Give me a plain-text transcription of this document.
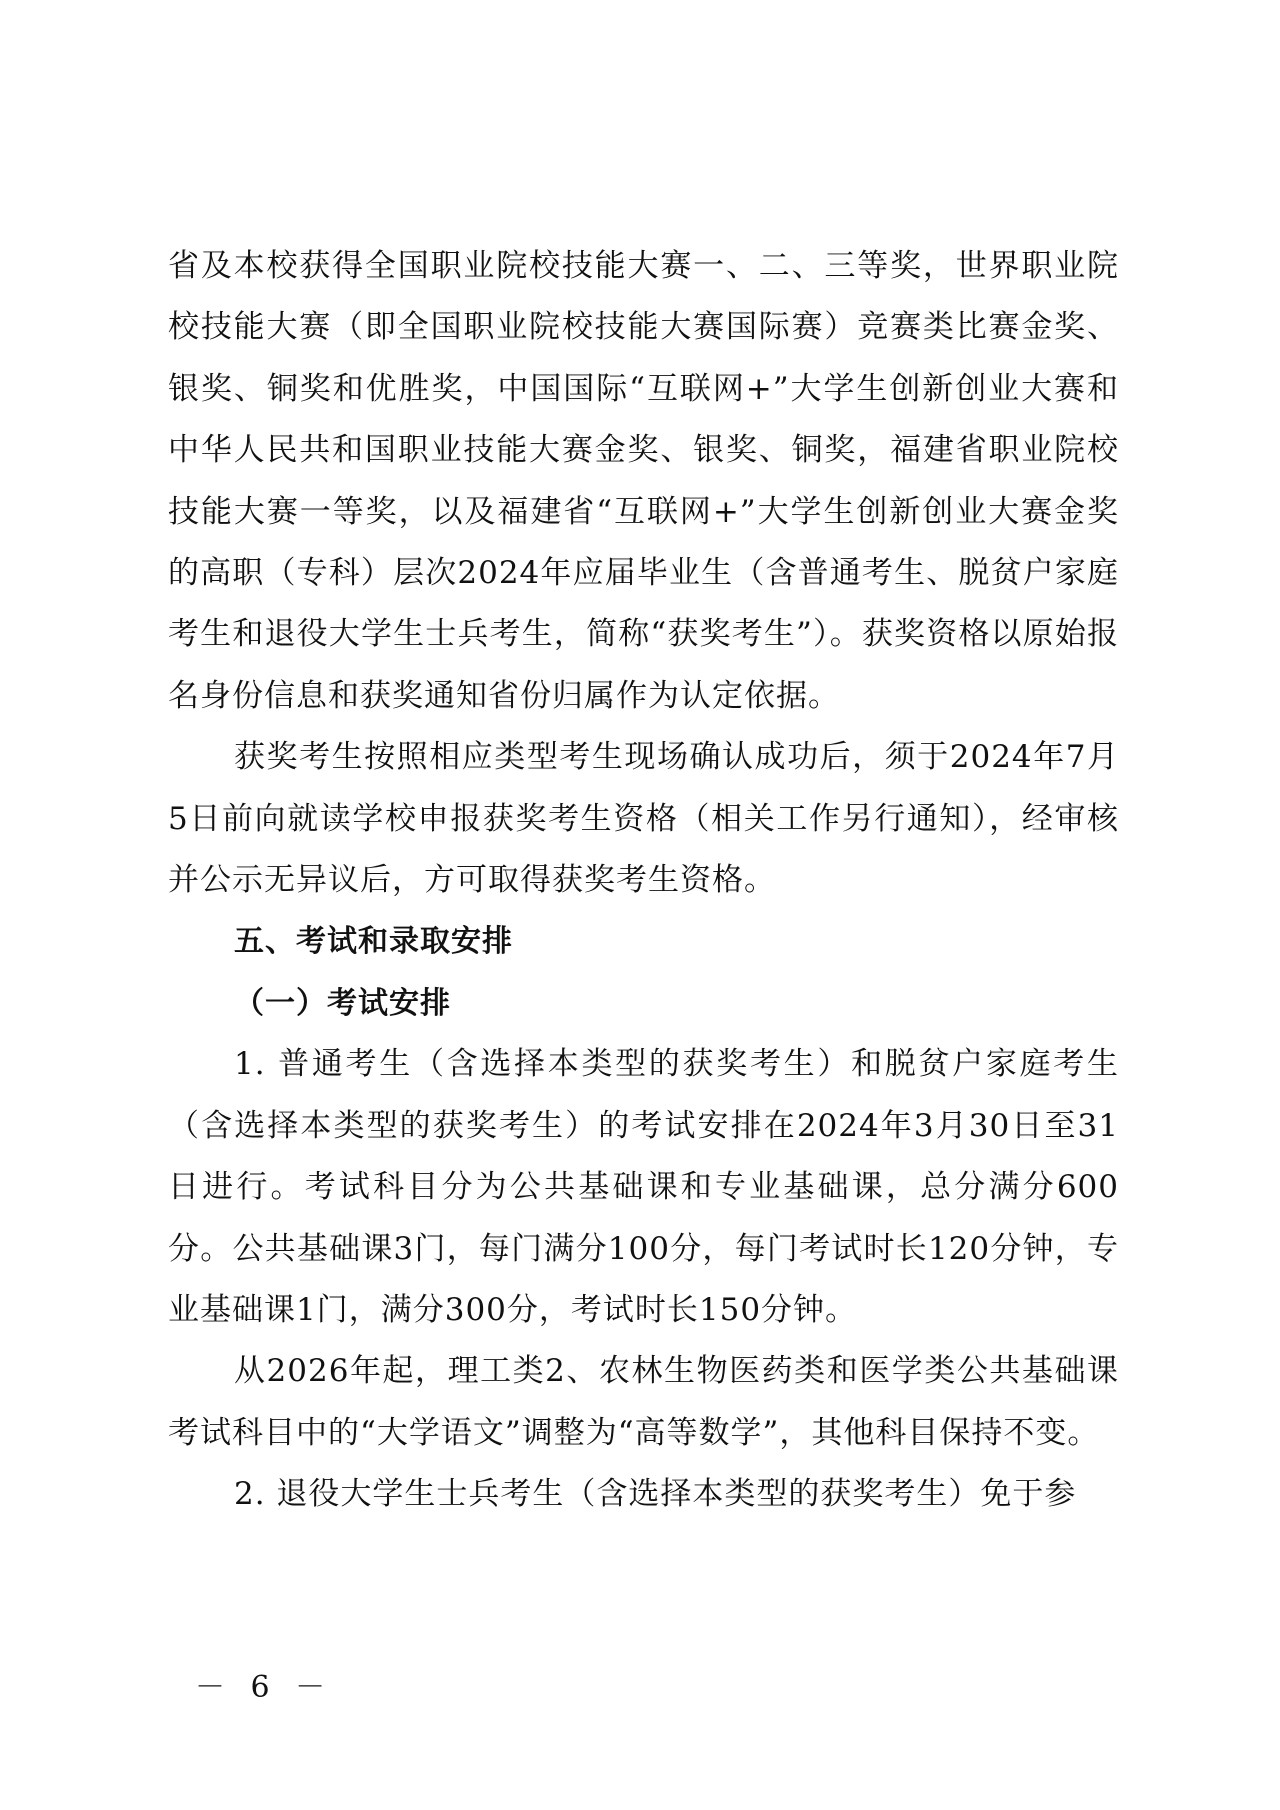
省及本校获得全国职业院校技能大赛一、二、三等奖，世界职业院校技能大赛（即全国职业院校技能大赛国际赛）竞赛类比赛金奖、银奖、铜奖和优胜奖，中国国际“互联网+”大学生创新创业大赛和中华人民共和国职业技能大赛金奖、银奖、铜奖，福建省职业院校技能大赛一等奖，以及福建省“互联网+”大学生创新创业大赛金奖的高职（专科）层次2024年应届毕业生（含普通考生、脱贫户家庭考生和退役大学生士兵考生，简称“获奖考生”）。获奖资格以原始报名身份信息和获奖通知省份归属作为认定依据。

获奖考生按照相应类型考生现场确认成功后，须于2024年7月5日前向就读学校申报获奖考生资格（相关工作另行通知），经审核并公示无异议后，方可取得获奖考生资格。

五、考试和录取安排

（一）考试安排

1. 普通考生（含选择本类型的获奖考生）和脱贫户家庭考生（含选择本类型的获奖考生）的考试安排在2024年3月30日至31日进行。考试科目分为公共基础课和专业基础课，总分满分600分。公共基础课3门，每门满分100分，每门考试时长120分钟，专业基础课1门，满分300分，考试时长150分钟。

从2026年起，理工类2、农林生物医药类和医学类公共基础课考试科目中的“大学语文”调整为“高等数学”，其他科目保持不变。

2. 退役大学生士兵考生（含选择本类型的获奖考生）免于参

－ 6 －
